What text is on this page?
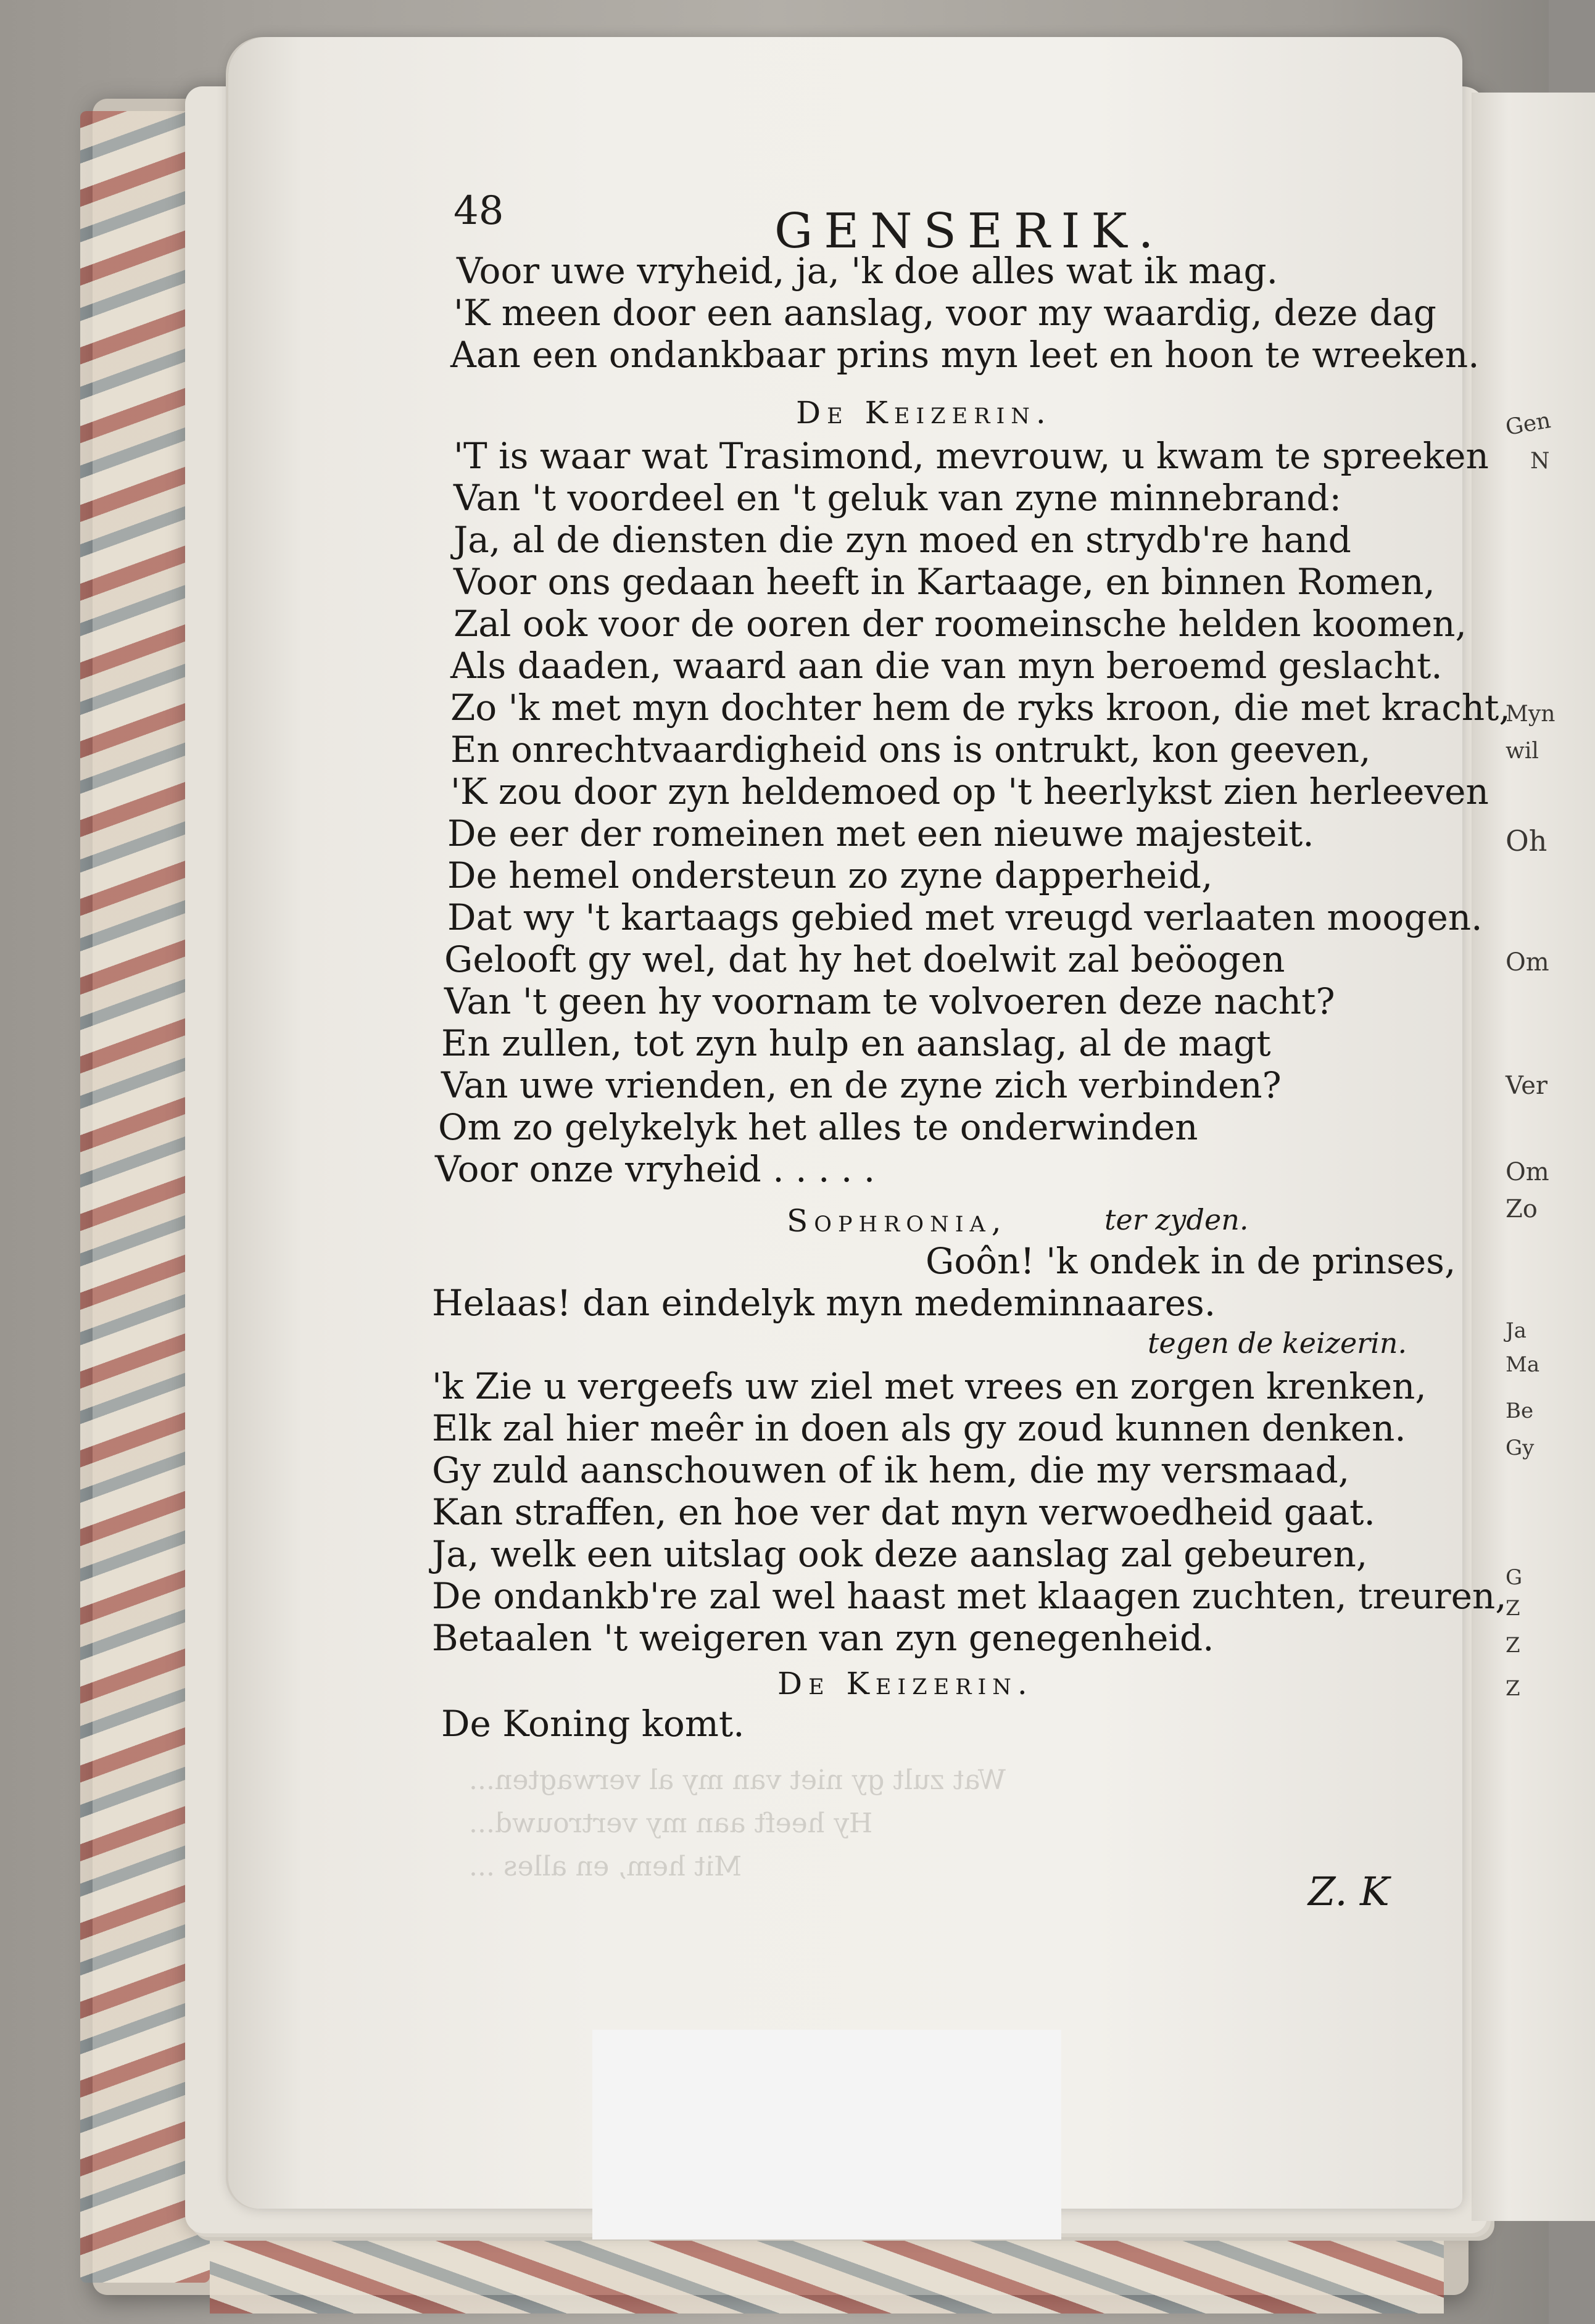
Gen
N
Myn
wil
Oh
Om
Ver
Om
Zo
Ja
Ma
Be
Gy
G
Z
Z
Z
48	GENSERIK.
Voor uwe vryheid, ja, 'k doe alles wat ik mag.
'K meen door een aanslag, voor my waardig, deze dag
Aan een ondankbaar prins myn leet en hoon te wreeken.
De Keizerin.
'T is waar wat Trasimond, mevrouw, u kwam te spreeken
Van 't voordeel en 't geluk van zyne minnebrand:
Ja, al de diensten die zyn moed en strydb're hand
Voor ons gedaan heeft in Kartaage, en binnen Romen,
Zal ook voor de ooren der roomeinsche helden koomen,
Als daaden, waard aan die van myn beroemd geslacht.
Zo 'k met myn dochter hem de ryks kroon, die met kracht,
En onrechtvaardigheid ons is ontrukt, kon geeven,
'K zou door zyn heldemoed op 't heerlykst zien herleeven
De eer der romeinen met een nieuwe majesteit.
De hemel ondersteun zo zyne dapperheid,
Dat wy 't kartaags gebied met vreugd verlaaten moogen.
Gelooft gy wel, dat hy het doelwit zal beöogen
Van 't geen hy voornam te volvoeren deze nacht?
En zullen, tot zyn hulp en aanslag, al de magt
Van uwe vrienden, en de zyne zich verbinden?
Om zo gelykelyk het alles te onderwinden
Voor onze vryheid . . . . .
Sophronia,	ter zyden.
Goôn! 'k ondek in de prinses,
Helaas! dan eindelyk myn medeminnaares.
tegen de keizerin.
'k Zie u vergeefs uw ziel met vrees en zorgen krenken,
Elk zal hier meêr in doen als gy zoud kunnen denken.
Gy zuld aanschouwen of ik hem, die my versmaad,
Kan straffen, en hoe ver dat myn verwoedheid gaat.
Ja, welk een uitslag ook deze aanslag zal gebeuren,
De ondankb're zal wel haast met klaagen zuchten, treuren,
Betaalen 't weigeren van zyn genegenheid.
De Keizerin.
De Koning komt.
Z. K
Wat zult gy niet van my al verwagten...
Hy heeft aan my vertrouwd...
Mit hem, en alles ...
